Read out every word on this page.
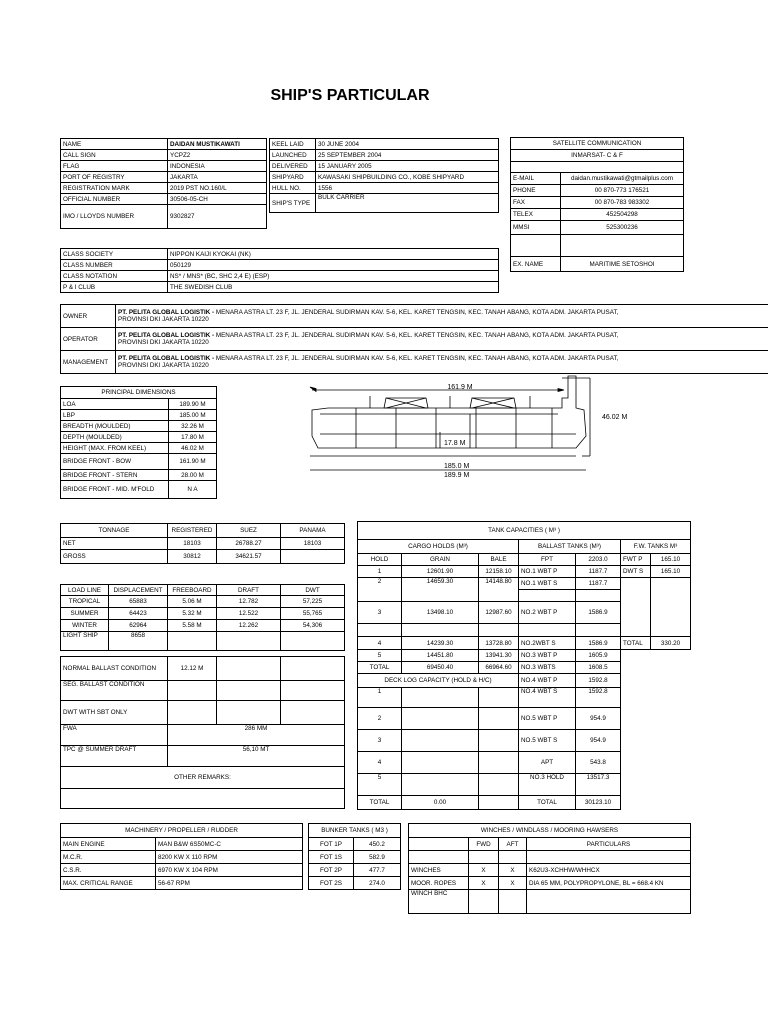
SHIP'S PARTICULAR
NAME	DAIDAN MUSTIKAWATI
CALL SIGN	YCPZ2
FLAG	INDONESIA
PORT OF REGISTRY	JAKARTA
REGISTRATION MARK	2019 PST NO.160/L
OFFICIAL NUMBER	30506-05-CH
IMO / LLOYDS NUMBER	9302827
KEEL LAID	30 JUNE 2004
LAUNCHED	25 SEPTEMBER 2004
DELIVERED	15 JANUARY 2005
SHIPYARD	KAWASAKI SHIPBUILDING CO., KOBE SHIPYARD
HULL NO.	1556
SHIP'S TYPE	BULK CARRIER
CLASS SOCIETY	NIPPON KAIJI KYOKAI (NK)
CLASS NUMBER	050129
CLASS NOTATION	NS* / MNS* (BC, SHC 2,4 E) (ESP)
P & I CLUB	THE SWEDISH CLUB
SATELLITE COMMUNICATION	
INMARSAT- C & F	

E-MAIL	daidan.mustikawati@gtmailplus.com
PHONE	00 870-773 176521
FAX	00 870-783 983302
TELEX	452504298
MMSI	525300236

EX. NAME	MARITIME SETOSHOI
OWNER	PT. PELITA GLOBAL LOGISTIK - MENARA ASTRA LT. 23 F, JL. JENDERAL SUDIRMAN KAV. 5-6, KEL. KARET TENGSIN, KEC. TANAH ABANG, KOTA ADM. JAKARTA PUSAT,
PROVINSI DKI JAKARTA 10220
OPERATOR	PT. PELITA GLOBAL LOGISTIK - MENARA ASTRA LT. 23 F, JL. JENDERAL SUDIRMAN KAV. 5-6, KEL. KARET TENGSIN, KEC. TANAH ABANG, KOTA ADM. JAKARTA PUSAT,
PROVINSI DKI JAKARTA 10220
MANAGEMENT	PT. PELITA GLOBAL LOGISTIK - MENARA ASTRA LT. 23 F, JL. JENDERAL SUDIRMAN KAV. 5-6, KEL. KARET TENGSIN, KEC. TANAH ABANG, KOTA ADM. JAKARTA PUSAT,
PROVINSI DKI JAKARTA 10220
PRINCIPAL DIMENSIONS	
LOA	189.90 M
LBP	185.00 M
BREADTH (MOULDED)	32.26 M
DEPTH (MOULDED)	17.80 M
HEIGHT (MAX. FROM KEEL)	46.02 M
BRIDGE FRONT - BOW	161.90 M
BRIDGE FRONT - STERN	28.00 M
BRIDGE FRONT - MID. M'FOLD	N A
161.9 M
46.02 M
17.8 M
185.0 M
189.9 M
TONNAGE	REGISTERED	SUEZ	PANAMA
NET	18103	26788.27	18103
GROSS	30812	34621.57	
LOAD LINE	DISPLACEMENT	FREEBOARD	DRAFT	DWT
TROPICAL	65883	5.06 M	12.782	57,225
SUMMER	64423	5.32 M	12.522	55,765
WINTER	62964	5.58 M	12.262	54,306
LIGHT SHIP	8658			
NORMAL BALLAST CONDITION	12.12 M		
SEG. BALLAST CONDITION			
DWT WITH SBT ONLY			
FWA	286 MM		
TPC @ SUMMER DRAFT	56,10 MT		
OTHER REMARKS:			

TANK CAPACITIES ( M³ )						
CARGO HOLDS (M³)			BALLAST TANKS (M³)		F.W. TANKS M³	
HOLD	GRAIN	BALE	FPT	2203.0	FWT P	165.10
1	12601.90	12158.10	NO.1 WBT P	1187.7	DWT S	165.10
2	14659.30	14148.80	NO.1 WBT S	1187.7		

3	13498.10	12987.60	NO.2 WBT P	1586.9		

4	14239.30	13728.80	NO.2WBT S	1586.9	TOTAL	330.20
5	14451.80	13941.30	NO.3 WBT P	1605.9		
TOTAL	69450.40	66964.60	NO.3 WBTS	1608.5		
DECK LOG CAPACITY (HOLD & H/C)			NO.4 WBT P	1592.8		
1			NO.4 WBT S	1592.8		
2			NO.5 WBT P	954.9		
3			NO.5 WBT S	954.9		
4			APT	543.8		
5			NO.3 HOLD	13517.3		
TOTAL	0.00		TOTAL	30123.10		
MACHINERY / PROPELLER / RUDDER	
MAIN ENGINE	MAN B&W 6S50MC-C
M.C.R.	8200 KW X 110 RPM
C.S.R.	6970 KW X 104 RPM
MAX. CRITICAL RANGE	56-67 RPM
BUNKER TANKS ( M3 )	
FOT 1P	450.2
FOT 1S	582.9
FOT 2P	477.7
FOT 2S	274.0
WINCHES / WINDLASS / MOORING HAWSERS			
	FWD	AFT	PARTICULARS

WINCHES	X	X	K62U3-XCHHW/WHHCX
MOOR. ROPES	X	X	DIA 65 MM, POLYPROPYLONE, BL = 668.4 KN
WINCH BHC			
